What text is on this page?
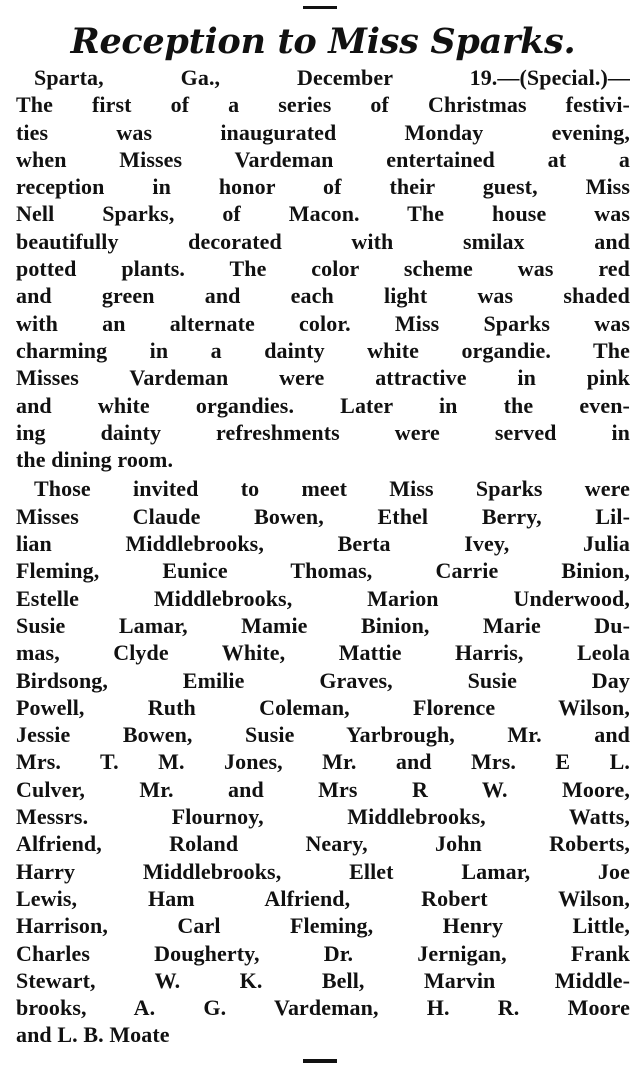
Reception to Miss Sparks.

Sparta, Ga., December 19.—(Special.)—
The first of a series of Christmas festivi-
ties was inaugurated Monday evening,
when Misses Vardeman entertained at a
reception in honor of their guest, Miss
Nell Sparks, of Macon. The house was
beautifully decorated with smilax and
potted plants. The color scheme was red
and green and each light was shaded
with an alternate color. Miss Sparks was
charming in a dainty white organdie. The
Misses Vardeman were attractive in pink
and white organdies. Later in the even-
ing dainty refreshments were served in
the dining room.

Those invited to meet Miss Sparks were
Misses Claude Bowen, Ethel Berry, Lil-
lian Middlebrooks, Berta Ivey, Julia
Fleming, Eunice Thomas, Carrie Binion,
Estelle Middlebrooks, Marion Underwood,
Susie Lamar, Mamie Binion, Marie Du-
mas, Clyde White, Mattie Harris, Leola
Birdsong, Emilie Graves, Susie Day
Powell, Ruth Coleman, Florence Wilson,
Jessie Bowen, Susie Yarbrough, Mr. and
Mrs. T. M. Jones, Mr. and Mrs. E L.
Culver, Mr. and Mrs R W. Moore,
Messrs. Flournoy, Middlebrooks, Watts,
Alfriend, Roland Neary, John Roberts,
Harry Middlebrooks, Ellet Lamar, Joe
Lewis, Ham Alfriend, Robert Wilson,
Harrison, Carl Fleming, Henry Little,
Charles Dougherty, Dr. Jernigan, Frank
Stewart, W. K. Bell, Marvin Middle-
brooks, A. G. Vardeman, H. R. Moore
and L. B. Moate
